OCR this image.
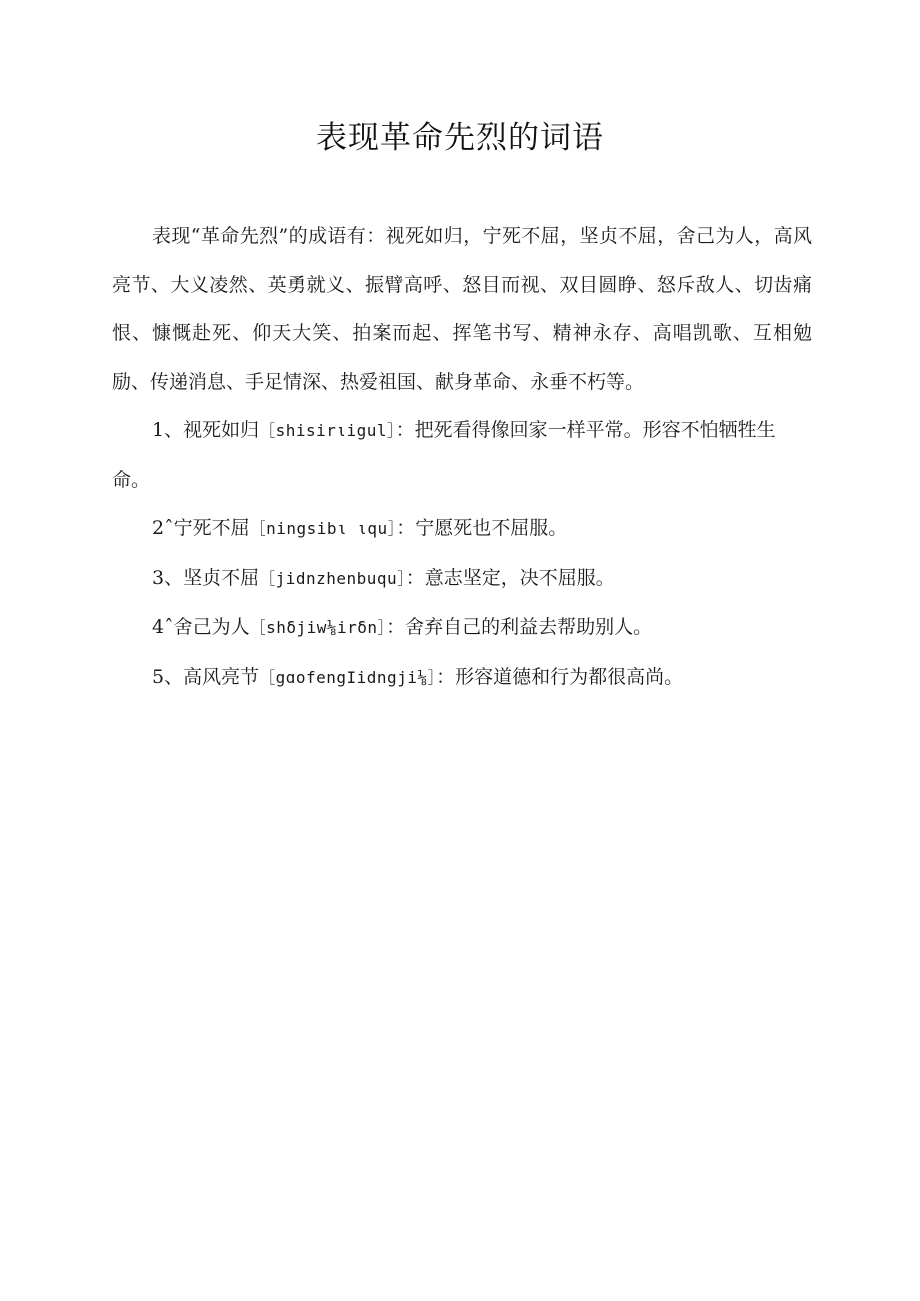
表现革命先烈的词语

表现“革命先烈”的成语有：视死如归，宁死不屈，坚贞不屈，舍己为人，高风亮节、大义凌然、英勇就义、振臂高呼、怒目而视、双目圆睁、怒斥敌人、切齿痛恨、慷慨赴死、仰天大笑、拍案而起、挥笔书写、精神永存、高唱凯歌、互相勉励、传递消息、手足情深、热爱祖国、献身革命、永垂不朽等。

1、视死如归［shisirιigul］：把死看得像回家一样平常。形容不怕牺牲生命。

2ˆ宁死不屈［ningsibι ιqu］：宁愿死也不屈服。

3、坚贞不屈［jidnzhenbuqu］：意志坚定，决不屈服。

4ˆ舍己为人［shδjiw⅛irδn］：舍弃自己的利益去帮助别人。

5、高风亮节［gɑofengIidngji⅛］：形容道德和行为都很高尚。
